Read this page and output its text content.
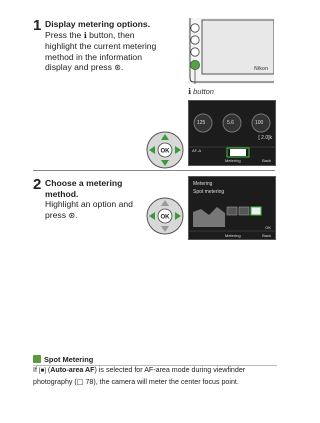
1 Display metering options.
Press the ℹ button, then highlight the current metering method in the information display and press ⊛.	Nikon
ℹ button
OK
125	5.6	100
[ 2.0]k
AF-A
Metering	Back
2 Choose a metering method.
Highlight an option and press ⊛.	OK
Metering
Spot metering
OK
Metering	Back
Spot Metering
If [■] (Auto-area AF) is selected for AF-area mode during viewfinder photography (□ 78), the camera will meter the center focus point.
